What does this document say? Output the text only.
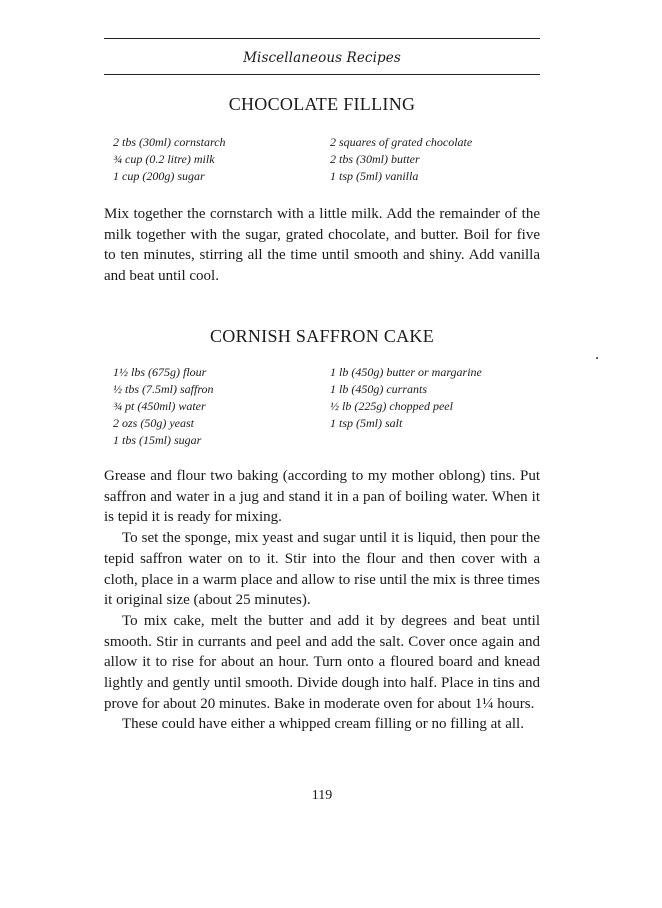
Miscellaneous Recipes
CHOCOLATE FILLING
2 tbs (30ml) cornstarch
¾ cup (0.2 litre) milk
1 cup (200g) sugar
2 squares of grated chocolate
2 tbs (30ml) butter
1 tsp (5ml) vanilla

Mix together the cornstarch with a little milk. Add the remainder of the milk together with the sugar, grated chocolate, and butter. Boil for five to ten minutes, stirring all the time until smooth and shiny. Add vanilla and beat until cool.

CORNISH SAFFRON CAKE
1½ lbs (675g) flour
½ tbs (7.5ml) saffron
¾ pt (450ml) water
2 ozs (50g) yeast
1 tbs (15ml) sugar
1 lb (450g) butter or margarine
1 lb (450g) currants
½ lb (225g) chopped peel
1 tsp (5ml) salt

Grease and flour two baking (according to my mother oblong) tins. Put saffron and water in a jug and stand it in a pan of boiling water. When it is tepid it is ready for mixing.

To set the sponge, mix yeast and sugar until it is liquid, then pour the tepid saffron water on to it. Stir into the flour and then cover with a cloth, place in a warm place and allow to rise until the mix is three times it original size (about 25 minutes).

To mix cake, melt the butter and add it by degrees and beat until smooth. Stir in currants and peel and add the salt. Cover once again and allow it to rise for about an hour. Turn onto a floured board and knead lightly and gently until smooth. Divide dough into half. Place in tins and prove for about 20 minutes. Bake in moderate oven for about 1¼ hours.

These could have either a whipped cream filling or no filling at all.

119
